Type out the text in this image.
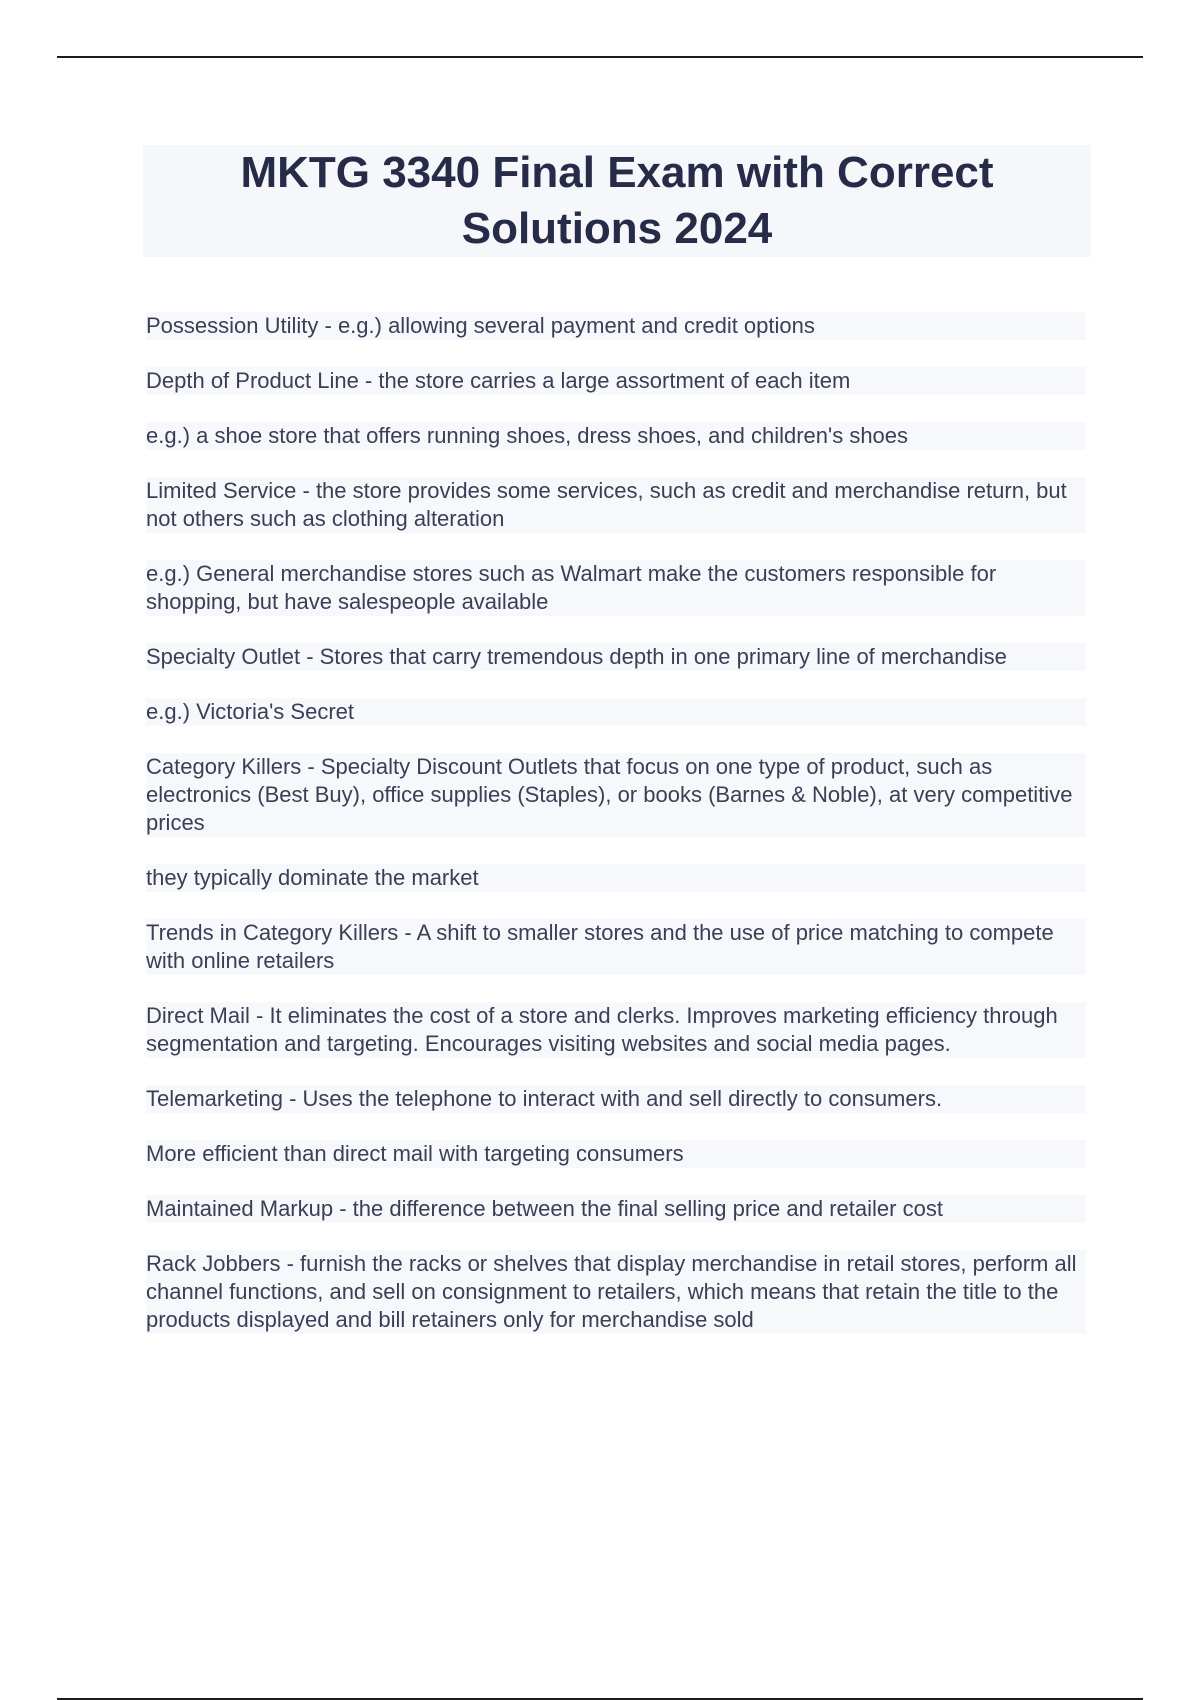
MKTG 3340 Final Exam with Correct Solutions 2024
Possession Utility - e.g.) allowing several payment and credit options
Depth of Product Line - the store carries a large assortment of each item
e.g.) a shoe store that offers running shoes, dress shoes, and children's shoes
Limited Service - the store provides some services, such as credit and merchandise return, but not others such as clothing alteration
e.g.) General merchandise stores such as Walmart make the customers responsible for shopping, but have salespeople available
Specialty Outlet - Stores that carry tremendous depth in one primary line of merchandise
e.g.) Victoria's Secret
Category Killers - Specialty Discount Outlets that focus on one type of product, such as electronics (Best Buy), office supplies (Staples), or books (Barnes & Noble), at very competitive prices
they typically dominate the market
Trends in Category Killers - A shift to smaller stores and the use of price matching to compete with online retailers
Direct Mail - It eliminates the cost of a store and clerks. Improves marketing efficiency through segmentation and targeting. Encourages visiting websites and social media pages.
Telemarketing - Uses the telephone to interact with and sell directly to consumers.
More efficient than direct mail with targeting consumers
Maintained Markup - the difference between the final selling price and retailer cost
Rack Jobbers - furnish the racks or shelves that display merchandise in retail stores, perform all channel functions, and sell on consignment to retailers, which means that retain the title to the products displayed and bill retainers only for merchandise sold
